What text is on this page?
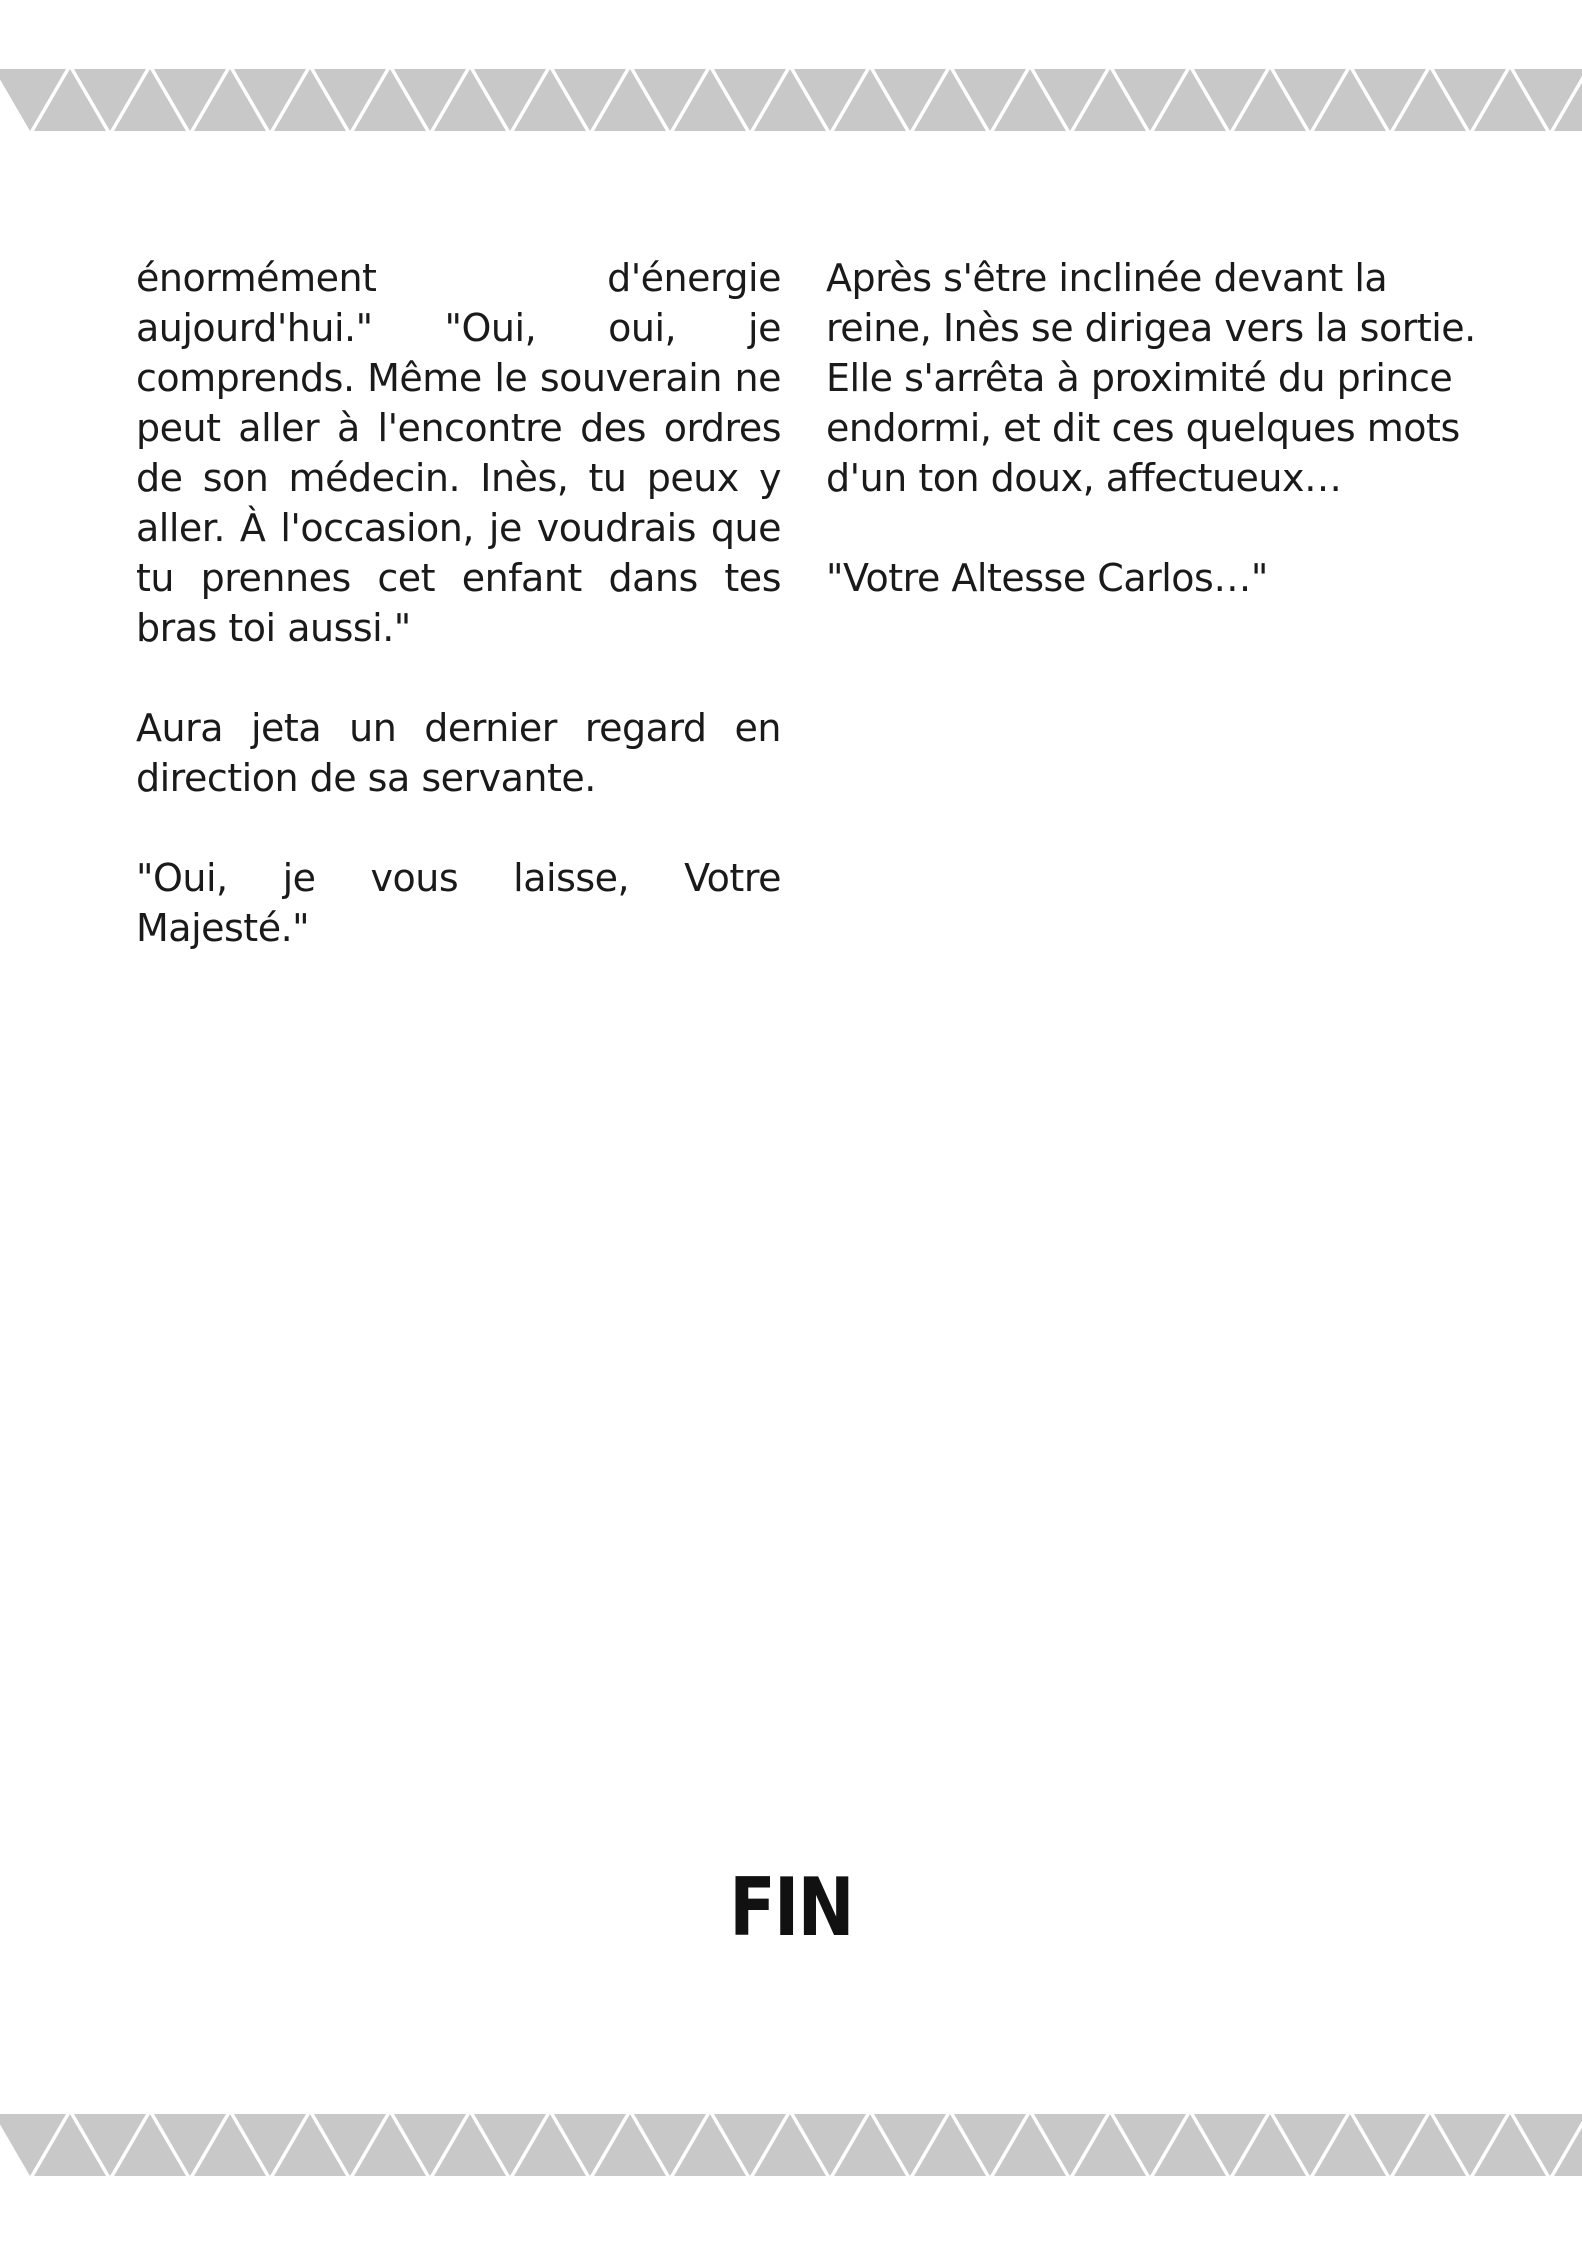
énormément d'énergie aujourd'hui." "Oui, oui, je comprends. Même le souverain ne peut aller à l'encontre des ordres de son médecin. Inès, tu peux y aller. À l'occasion, je voudrais que tu prennes cet enfant dans tes bras toi aussi."

Aura jeta un dernier regard en direction de sa servante.

"Oui, je vous laisse, Votre Majesté."

Après s'être inclinée devant la reine, Inès se dirigea vers la sortie. Elle s'arrêta à proximité du prince endormi, et dit ces quelques mots d'un ton doux, affectueux…

"Votre Altesse Carlos…"

FIN
